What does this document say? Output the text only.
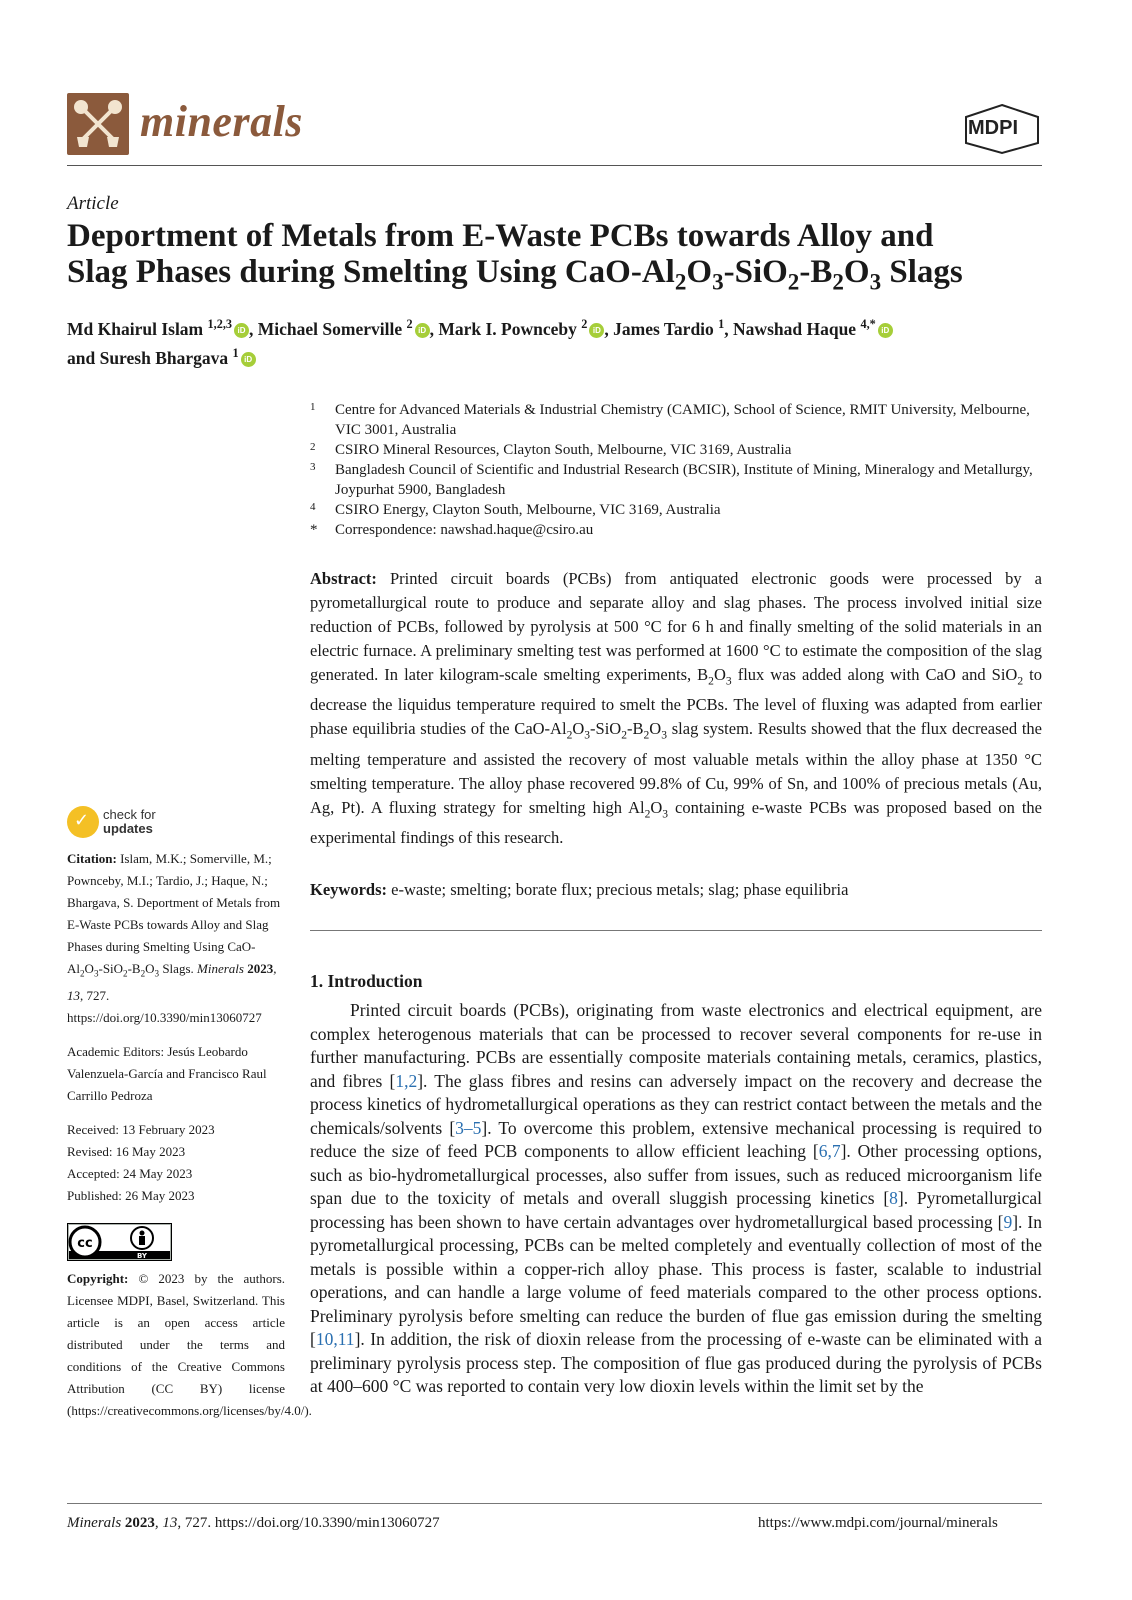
minerals	MDPI
Article
Deportment of Metals from E-Waste PCBs towards Alloy and
Slag Phases during Smelting Using CaO-$Al_2O_3-SiO_2-B_2O_3$ Slags
Md Khairul Islam $^{1,2,3}$ iD , Michael Somerville $^2$ iD , Mark I. Pownceby $^2$ iD , James Tardio $^1$, Nawshad Haque $^{4,*}$ iD
and Suresh Bhargava $^1$ iD
1 Centre for Advanced Materials & Industrial Chemistry (CAMIC), School of Science, RMIT University, Melbourne, VIC 3001, Australia
2 CSIRO Mineral Resources, Clayton South, Melbourne, VIC 3169, Australia
3 Bangladesh Council of Scientific and Industrial Research (BCSIR), Institute of Mining, Mineralogy and Metallurgy, Joypurhat 5900, Bangladesh
4 CSIRO Energy, Clayton South, Melbourne, VIC 3169, Australia
* Correspondence: nawshad.haque@csiro.au
Abstract: Printed circuit boards (PCBs) from antiquated electronic goods were processed by a pyrometallurgical route to produce and separate alloy and slag phases. The process involved initial size reduction of PCBs, followed by pyrolysis at 500 °C for 6 h and finally smelting of the solid materials in an electric furnace. A preliminary smelting test was performed at 1600 °C to estimate the composition of the slag generated. In later kilogram-scale smelting experiments, $B_2O_3$ flux was added along with CaO and SiO$_2$ to decrease the liquidus temperature required to smelt the PCBs. The level of fluxing was adapted from earlier phase equilibria studies of the CaO-$Al_2O_3-SiO_2-B_2O_3$ slag system. Results showed that the flux decreased the melting temperature and assisted the recovery of most valuable metals within the alloy phase at 1350 °C smelting temperature. The alloy phase recovered 99.8% of Cu, 99% of Sn, and 100% of precious metals (Au, Ag, Pt). A fluxing strategy for smelting high $Al_2O_3$ containing e-waste PCBs was proposed based on the experimental findings of this research.
Keywords: e-waste; smelting; borate flux; precious metals; slag; phase equilibria
1. Introduction
Printed circuit boards (PCBs), originating from waste electronics and electrical equipment, are complex heterogenous materials that can be processed to recover several components for re-use in further manufacturing. PCBs are essentially composite materials containing metals, ceramics, plastics, and fibres [1,2]. The glass fibres and resins can adversely impact on the recovery and decrease the process kinetics of hydrometallurgical operations as they can restrict contact between the metals and the chemicals/solvents [3–5]. To overcome this problem, extensive mechanical processing is required to reduce the size of feed PCB components to allow efficient leaching [6,7]. Other processing options, such as bio-hydrometallurgical processes, also suffer from issues, such as reduced microorganism life span due to the toxicity of metals and overall sluggish processing kinetics [8]. Pyrometallurgical processing has been shown to have certain advantages over hydrometallurgical based processing [9]. In pyrometallurgical processing, PCBs can be melted completely and eventually collection of most of the metals is possible within a copper-rich alloy phase. This process is faster, scalable to industrial operations, and can handle a large volume of feed materials compared to the other process options. Preliminary pyrolysis before smelting can reduce the burden of flue gas emission during the smelting [10,11]. In addition, the risk of dioxin release from the processing of e-waste can be eliminated with a preliminary pyrolysis process step. The composition of flue gas produced during the pyrolysis of PCBs at 400–600 °C was reported to contain very low dioxin levels within the limit set by the
✓ check for
updates
Citation: Islam, M.K.; Somerville, M.; Pownceby, M.I.; Tardio, J.; Haque, N.; Bhargava, S. Deportment of Metals from E-Waste PCBs towards Alloy and Slag Phases during Smelting Using CaO-$Al_2O_3-SiO_2-B_2O_3$ Slags. Minerals 2023, 13, 727. https://doi.org/10.3390/min13060727
Academic Editors: Jesús Leobardo Valenzuela-García and Francisco Raul Carrillo Pedroza
Received: 13 February 2023
Revised: 16 May 2023
Accepted: 24 May 2023
Published: 26 May 2023
BY
cc
Copyright: © 2023 by the authors. Licensee MDPI, Basel, Switzerland. This article is an open access article distributed under the terms and conditions of the Creative Commons Attribution (CC BY) license (https://creativecommons.org/licenses/by/4.0/).
Minerals 2023, 13, 727. https://doi.org/10.3390/min13060727	https://www.mdpi.com/journal/minerals
